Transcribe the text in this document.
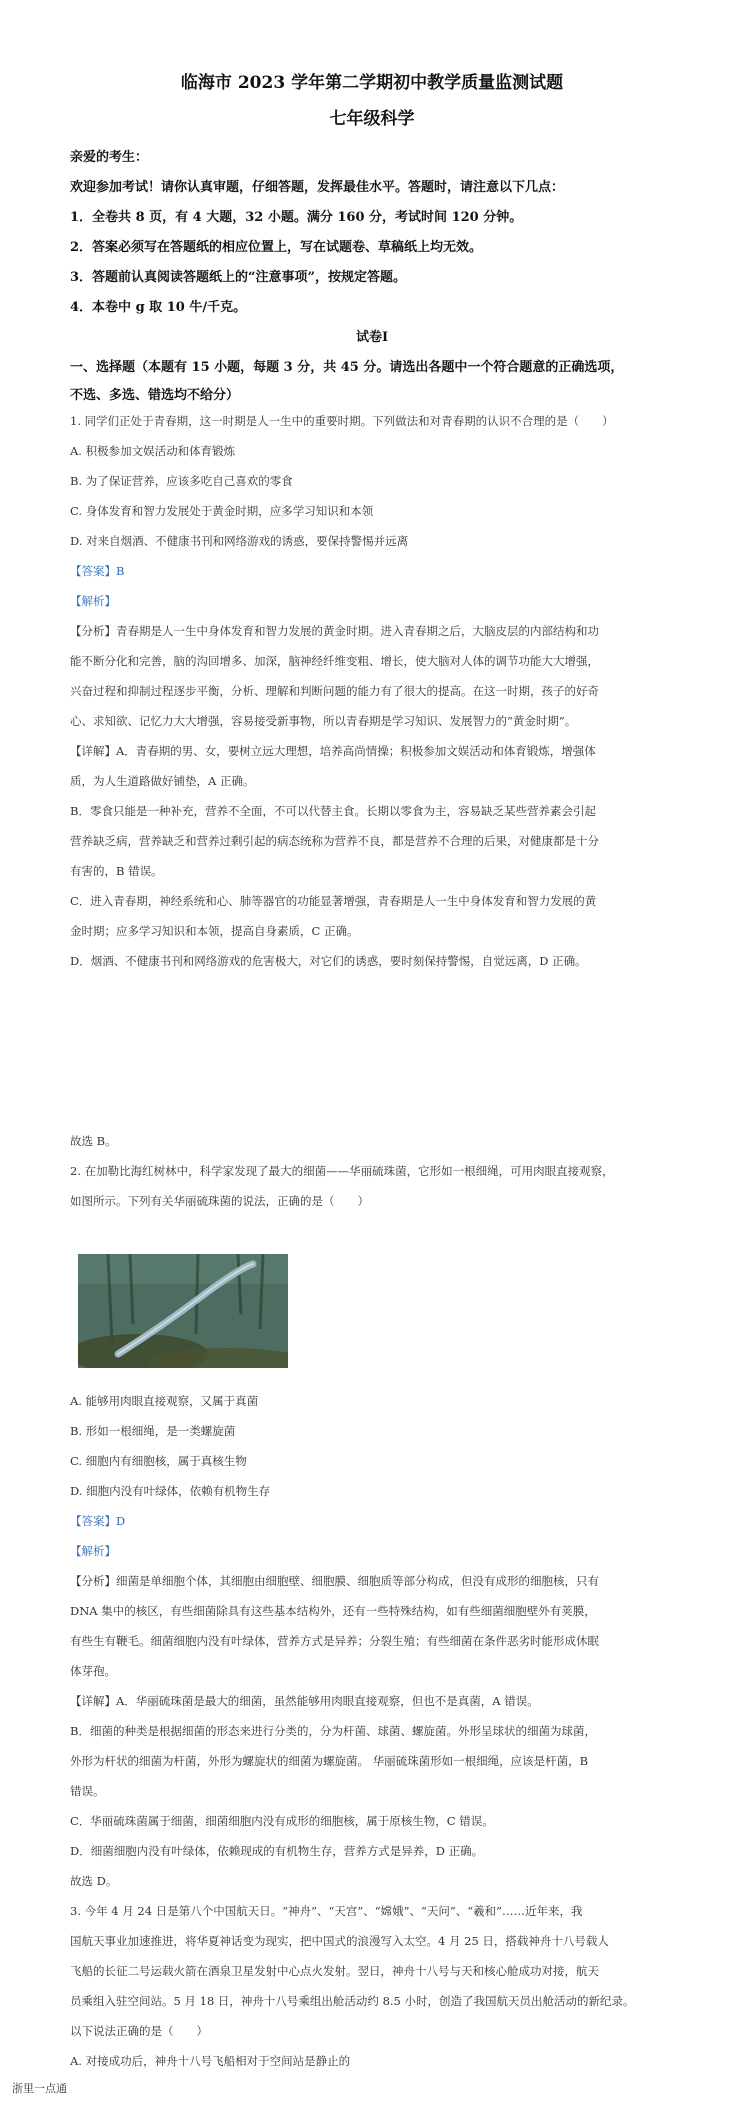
临海市 2023 学年第二学期初中教学质量监测试题
七年级科学
亲爱的考生：
欢迎参加考试！请你认真审题，仔细答题，发挥最佳水平。答题时，请注意以下几点：
1．全卷共 8 页，有 4 大题，32 小题。满分 160 分，考试时间 120 分钟。
2．答案必须写在答题纸的相应位置上，写在试题卷、草稿纸上均无效。
3．答题前认真阅读答题纸上的“注意事项”，按规定答题。
4．本卷中 g 取 10 牛/千克。
试卷Ⅰ
一、选择题（本题有 15 小题，每题 3 分，共 45 分。请选出各题中一个符合题意的正确选项，
不选、多选、错选均不给分）
1. 同学们正处于青春期，这一时期是人一生中的重要时期。下列做法和对青春期的认识不合理的是（　　）
A. 积极参加文娱活动和体育锻炼
B. 为了保证营养，应该多吃自己喜欢的零食
C. 身体发育和智力发展处于黄金时期，应多学习知识和本领
D. 对来自烟酒、不健康书刊和网络游戏的诱惑，要保持警惕并远离
【答案】B
【解析】
【分析】青春期是人一生中身体发育和智力发展的黄金时期。进入青春期之后，大脑皮层的内部结构和功
能不断分化和完善，脑的沟回增多、加深，脑神经纤维变粗、增长，使大脑对人体的调节功能大大增强，
兴奋过程和抑制过程逐步平衡，分析、理解和判断问题的能力有了很大的提高。在这一时期，孩子的好奇
心、求知欲、记忆力大大增强，容易接受新事物，所以青春期是学习知识、发展智力的“黄金时期”。
【详解】A．青春期的男、女，要树立远大理想，培养高尚情操；积极参加文娱活动和体育锻炼，增强体
质，为人生道路做好铺垫，A 正确。
B．零食只能是一种补充，营养不全面，不可以代替主食。长期以零食为主，容易缺乏某些营养素会引起
营养缺乏病，营养缺乏和营养过剩引起的病态统称为营养不良，都是营养不合理的后果，对健康都是十分
有害的，B 错误。
C．进入青春期，神经系统和心、肺等器官的功能显著增强，青春期是人一生中身体发育和智力发展的黄
金时期；应多学习知识和本领，提高自身素质，C 正确。
D．烟酒、不健康书刊和网络游戏的危害极大，对它们的诱惑，要时刻保持警惕，自觉远离，D 正确。
故选 B。
2. 在加勒比海红树林中，科学家发现了最大的细菌——华丽硫珠菌，它形如一根细绳，可用肉眼直接观察，
如图所示。下列有关华丽硫珠菌的说法，正确的是（　　）
A. 能够用肉眼直接观察，又属于真菌
B. 形如一根细绳，是一类螺旋菌
C. 细胞内有细胞核，属于真核生物
D. 细胞内没有叶绿体，依赖有机物生存
【答案】D
【解析】
【分析】细菌是单细胞个体，其细胞由细胞壁、细胞膜、细胞质等部分构成，但没有成形的细胞核，只有
DNA 集中的核区，有些细菌除具有这些基本结构外，还有一些特殊结构，如有些细菌细胞壁外有荚膜，
有些生有鞭毛。细菌细胞内没有叶绿体，营养方式是异养；分裂生殖；有些细菌在条件恶劣时能形成休眠
体芽孢。
【详解】A．华丽硫珠菌是最大的细菌，虽然能够用肉眼直接观察，但也不是真菌，A 错误。
B．细菌的种类是根据细菌的形态来进行分类的，分为杆菌、球菌、螺旋菌。外形呈球状的细菌为球菌，
外形为杆状的细菌为杆菌，外形为螺旋状的细菌为螺旋菌。 华丽硫珠菌形如一根细绳，应该是杆菌，B
错误。
C．华丽硫珠菌属于细菌，细菌细胞内没有成形的细胞核，属于原核生物，C 错误。
D．细菌细胞内没有叶绿体，依赖现成的有机物生存，营养方式是异养，D 正确。
故选 D。
3. 今年 4 月 24 日是第八个中国航天日。“神舟”、“天宫”、“嫦娥”、“天问”、“羲和”……近年来，我
国航天事业加速推进，将华夏神话变为现实，把中国式的浪漫写入太空。4 月 25 日，搭载神舟十八号载人
飞船的长征二号运载火箭在酒泉卫星发射中心点火发射。翌日，神舟十八号与天和核心舱成功对接，航天
员乘组入驻空间站。5 月 18 日，神舟十八号乘组出舱活动约 8.5 小时，创造了我国航天员出舱活动的新纪录。
以下说法正确的是（　　）
A. 对接成功后，神舟十八号飞船相对于空间站是静止的
浙里一点通
